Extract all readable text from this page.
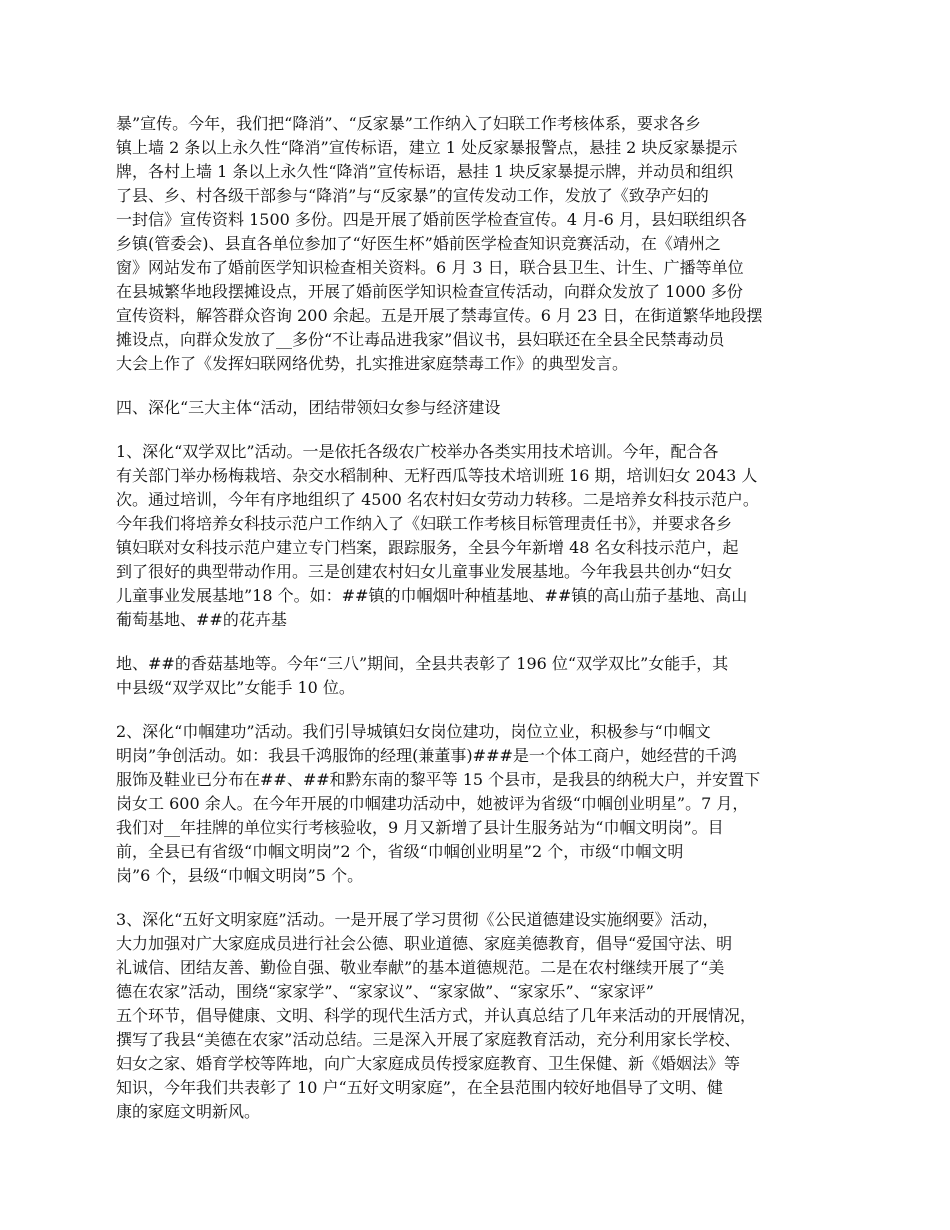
暴”宣传。今年，我们把“降消”、“反家暴”工作纳入了妇联工作考核体系，要求各乡
镇上墙 2 条以上永久性“降消”宣传标语，建立 1 处反家暴报警点，悬挂 2 块反家暴提示
牌，各村上墙 1 条以上永久性“降消”宣传标语，悬挂 1 块反家暴提示牌，并动员和组织
了县、乡、村各级干部参与“降消”与“反家暴”的宣传发动工作，发放了《致孕产妇的
一封信》宣传资料 1500 多份。四是开展了婚前医学检查宣传。4 月-6 月，县妇联组织各
乡镇(管委会)、县直各单位参加了“好医生杯”婚前医学检查知识竞赛活动，在《靖州之
窗》网站发布了婚前医学知识检查相关资料。6 月 3 日，联合县卫生、计生、广播等单位
在县城繁华地段摆摊设点，开展了婚前医学知识检查宣传活动，向群众发放了 1000 多份
宣传资料，解答群众咨询 200 余起。五是开展了禁毒宣传。6 月 23 日，在街道繁华地段摆
摊设点，向群众发放了__多份“不让毒品进我家”倡议书，县妇联还在全县全民禁毒动员
大会上作了《发挥妇联网络优势，扎实推进家庭禁毒工作》的典型发言。
四、深化“三大主体“活动，团结带领妇女参与经济建设
1、深化“双学双比”活动。一是依托各级农广校举办各类实用技术培训。今年，配合各
有关部门举办杨梅栽培、杂交水稻制种、无籽西瓜等技术培训班 16 期，培训妇女 2043 人
次。通过培训，今年有序地组织了 4500 名农村妇女劳动力转移。二是培养女科技示范户。
今年我们将培养女科技示范户工作纳入了《妇联工作考核目标管理责任书》，并要求各乡
镇妇联对女科技示范户建立专门档案，跟踪服务，全县今年新增 48 名女科技示范户，起
到了很好的典型带动作用。三是创建农村妇女儿童事业发展基地。今年我县共创办“妇女
儿童事业发展基地”18 个。如：##镇的巾帼烟叶种植基地、##镇的高山茄子基地、高山
葡萄基地、##的花卉基
地、##的香菇基地等。今年“三八”期间，全县共表彰了 196 位“双学双比”女能手，其
中县级“双学双比”女能手 10 位。
2、深化“巾帼建功”活动。我们引导城镇妇女岗位建功，岗位立业，积极参与“巾帼文
明岗”争创活动。如：我县千鸿服饰的经理(兼董事)###是一个体工商户，她经营的千鸿
服饰及鞋业已分布在##、##和黔东南的黎平等 15 个县市，是我县的纳税大户，并安置下
岗女工 600 余人。在今年开展的巾帼建功活动中，她被评为省级“巾帼创业明星”。7 月，
我们对__年挂牌的单位实行考核验收，9 月又新增了县计生服务站为“巾帼文明岗”。目
前，全县已有省级“巾帼文明岗”2 个，省级“巾帼创业明星”2 个，市级“巾帼文明
岗”6 个，县级“巾帼文明岗”5 个。
3、深化“五好文明家庭”活动。一是开展了学习贯彻《公民道德建设实施纲要》活动，
大力加强对广大家庭成员进行社会公德、职业道德、家庭美德教育，倡导“爱国守法、明
礼诚信、团结友善、勤俭自强、敬业奉献”的基本道德规范。二是在农村继续开展了“美
德在农家”活动，围绕“家家学”、“家家议”、“家家做”、“家家乐”、“家家评”
五个环节，倡导健康、文明、科学的现代生活方式，并认真总结了几年来活动的开展情况，
撰写了我县“美德在农家”活动总结。三是深入开展了家庭教育活动，充分利用家长学校、
妇女之家、婚育学校等阵地，向广大家庭成员传授家庭教育、卫生保健、新《婚姻法》等
知识，今年我们共表彰了 10 户“五好文明家庭”，在全县范围内较好地倡导了文明、健
康的家庭文明新风。
